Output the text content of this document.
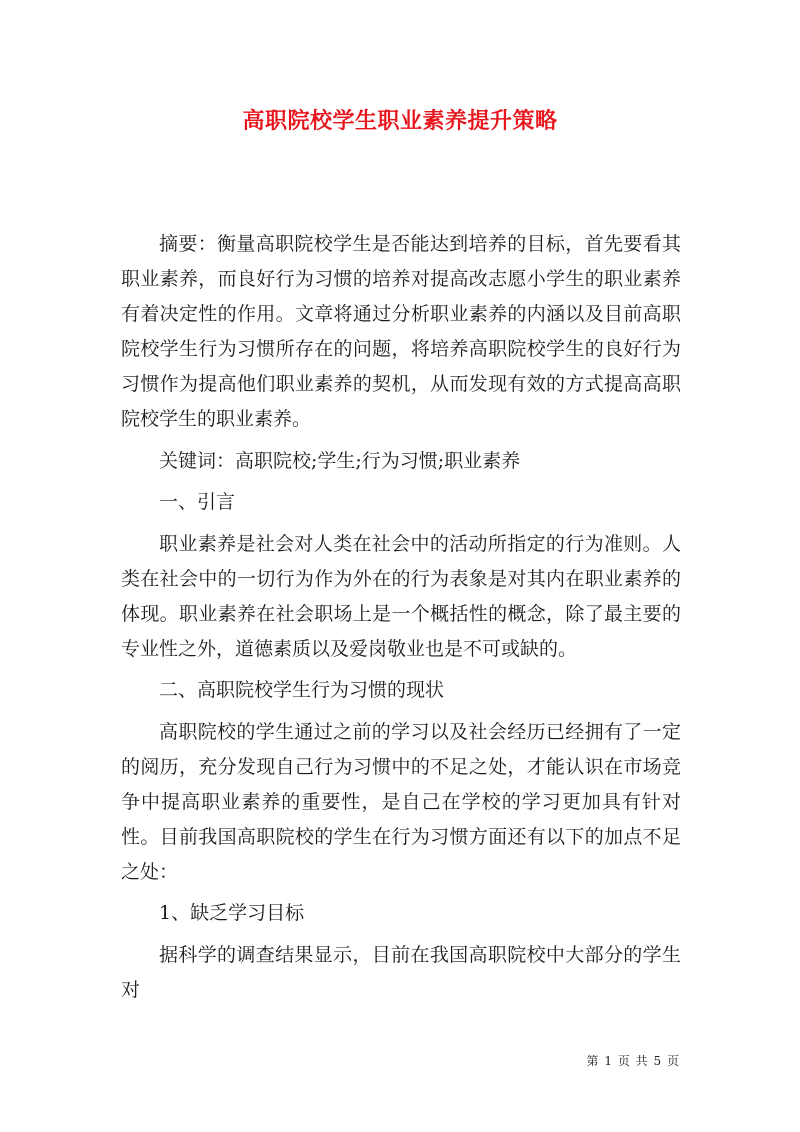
高职院校学生职业素养提升策略

摘要：衡量高职院校学生是否能达到培养的目标，首先要看其职业素养，而良好行为习惯的培养对提高改志愿小学生的职业素养有着决定性的作用。文章将通过分析职业素养的内涵以及目前高职院校学生行为习惯所存在的问题，将培养高职院校学生的良好行为习惯作为提高他们职业素养的契机，从而发现有效的方式提高高职院校学生的职业素养。

关键词：高职院校;学生;行为习惯;职业素养

一、引言

职业素养是社会对人类在社会中的活动所指定的行为准则。人类在社会中的一切行为作为外在的行为表象是对其内在职业素养的体现。职业素养在社会职场上是一个概括性的概念，除了最主要的专业性之外，道德素质以及爱岗敬业也是不可或缺的。

二、高职院校学生行为习惯的现状

高职院校的学生通过之前的学习以及社会经历已经拥有了一定的阅历，充分发现自己行为习惯中的不足之处，才能认识在市场竞争中提高职业素养的重要性，是自己在学校的学习更加具有针对性。目前我国高职院校的学生在行为习惯方面还有以下的加点不足之处：

1、缺乏学习目标

据科学的调查结果显示，目前在我国高职院校中大部分的学生对

第 1 页 共 5 页
